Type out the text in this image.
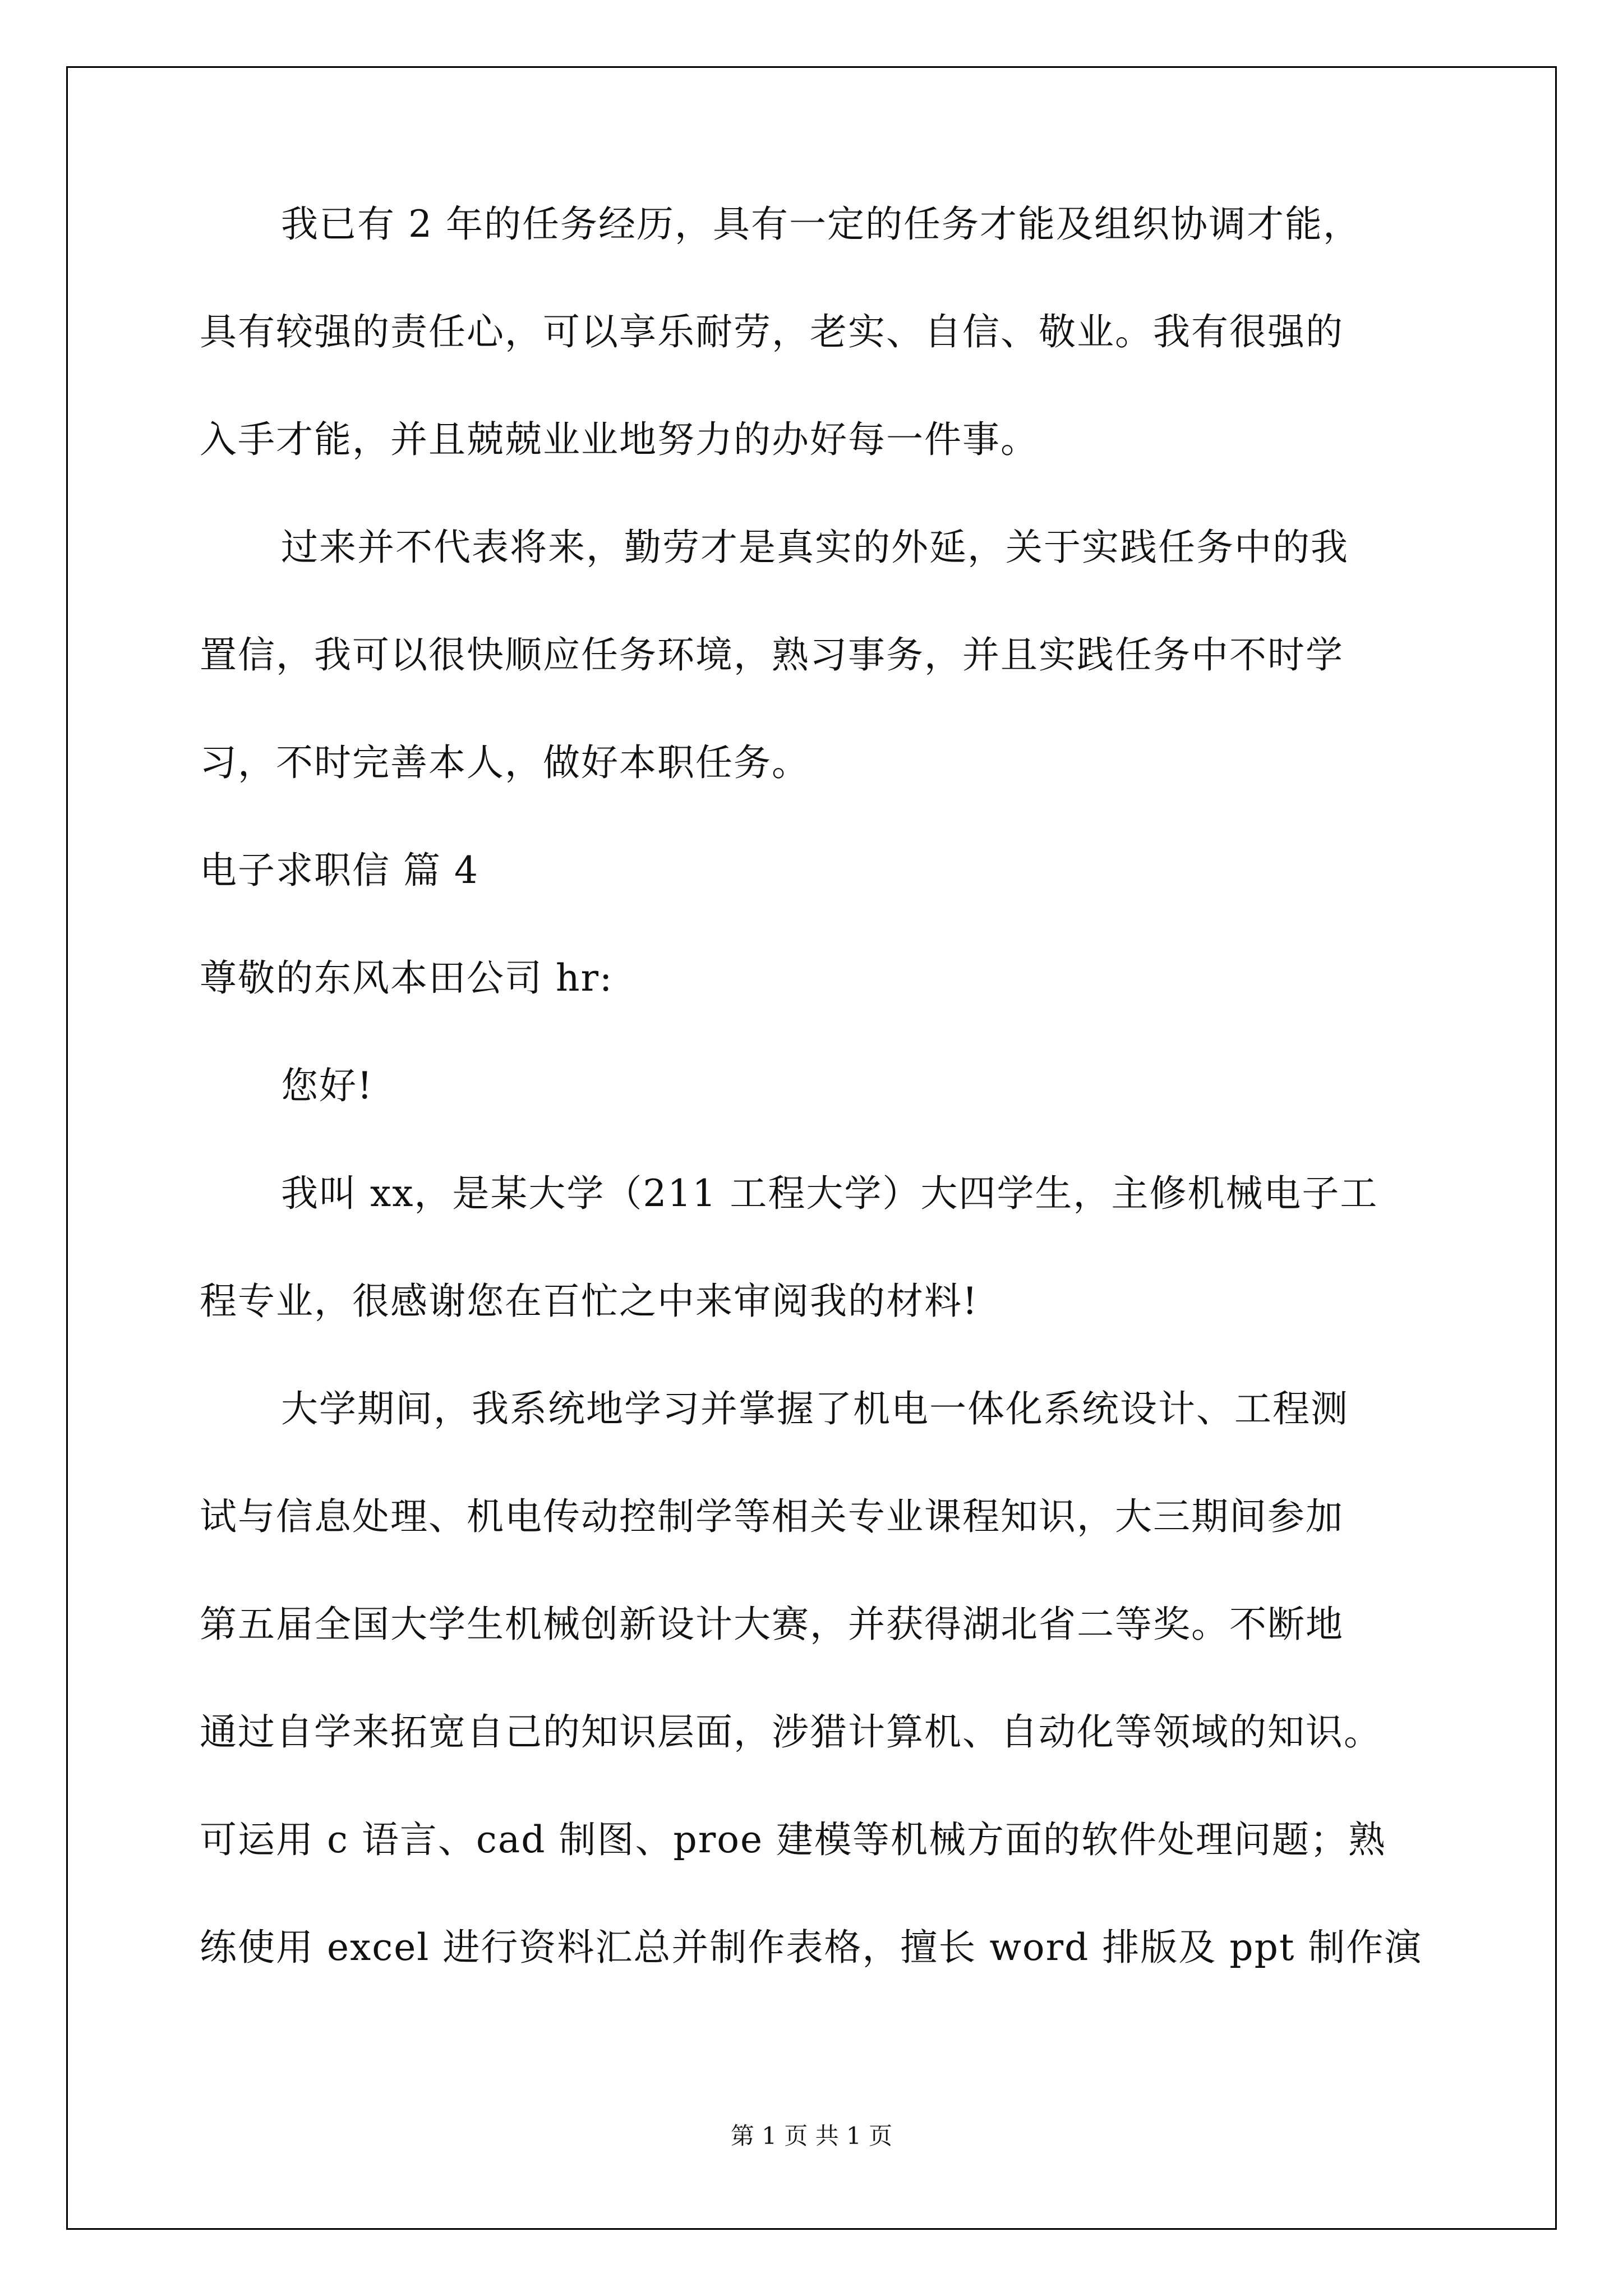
我已有 2 年的任务经历，具有一定的任务才能及组织协调才能，
具有较强的责任心，可以享乐耐劳，老实、自信、敬业。我有很强的
入手才能，并且兢兢业业地努力的办好每一件事。
过来并不代表将来，勤劳才是真实的外延，关于实践任务中的我
置信，我可以很快顺应任务环境，熟习事务，并且实践任务中不时学
习，不时完善本人，做好本职任务。
电子求职信 篇 4
尊敬的东风本田公司 hr:
您好!
我叫 xx，是某大学（211 工程大学）大四学生，主修机械电子工
程专业，很感谢您在百忙之中来审阅我的材料!
大学期间，我系统地学习并掌握了机电一体化系统设计、工程测
试与信息处理、机电传动控制学等相关专业课程知识，大三期间参加
第五届全国大学生机械创新设计大赛，并获得湖北省二等奖。不断地
通过自学来拓宽自己的知识层面，涉猎计算机、自动化等领域的知识。
可运用 c 语言、cad 制图、proe 建模等机械方面的软件处理问题；熟
练使用 excel 进行资料汇总并制作表格，擅长 word 排版及 ppt 制作演
第 1 页 共 1 页
